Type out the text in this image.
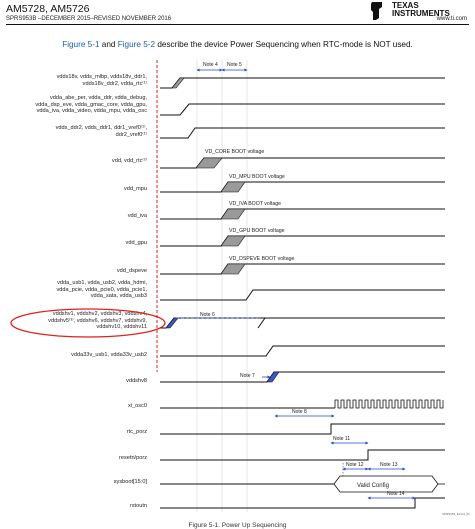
AM5728, AM5726
SPRS953B –DECEMBER 2015–REVISED NOVEMBER 2016
TEXAS
INSTRUMENTS
www.ti.com
Figure 5-1 and Figure 5-2 describe the device Power Sequencing when RTC-mode is NOT used.
vdds18v, vdds_mlbp, vdds18v_ddr1,
vdds18v_ddr2, vdda_rtc⁽¹⁾
vdda_abe_per, vdda_ddr, vdda_debug,
vdda_dsp_eve, vdda_gmac_core, vdda_gpu,
vdda_iva, vdda_video, vdda_mpu, vdda_osc
vdds_ddr2, vdds_ddr1, ddr1_vref0⁽¹⁾,
ddr2_vref0⁽¹⁾
vdd, vdd_rtc⁽²⁾
vdd_mpu
vdd_iva
vdd_gpu
vdd_dspeve
vdda_usb1, vdda_usb2, vdda_hdmi,
vdda_pcie, vdda_pcie0, vdda_pcie1,
vdda_sata, vdda_usb3
vddshv1, vddshv2, vddshv3, vddshv4,
vddshv5⁽³⁾, vddshv6, vddshv7, vddshv9,
vddshv10, vddshv11
vdda33v_usb1, vdda33v_usb2
vddshv8
xi_osc0
rtc_porz
resetn/porz
sysboot[15:0]
rstoutn
Note 4 Note 5
Valid Config
VD_CORE BOOT voltage
VD_MPU BOOT voltage
VD_IVA BOOT voltage
VD_GPU BOOT voltage
VD_DSPEVE BOOT voltage
Note 6
Note 7
Note 8
Note 11
Note 12	Note 13
Note 14
SPRS953_ELCH_01
Figure 5-1. Power Up Sequencing
